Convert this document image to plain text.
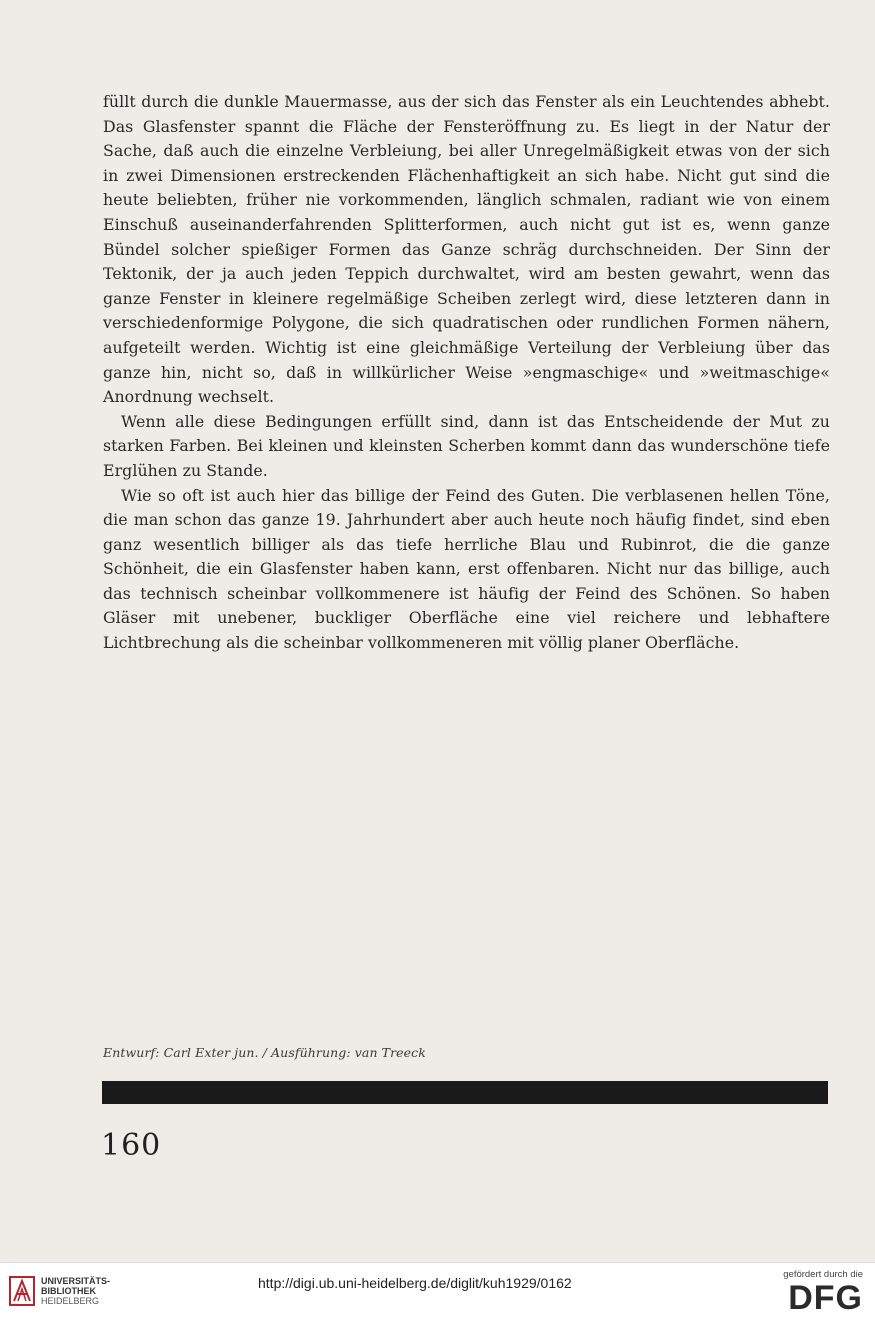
füllt durch die dunkle Mauermasse, aus der sich das Fenster als ein Leuchtendes abhebt. Das Glasfenster spannt die Fläche der Fensteröffnung zu. Es liegt in der Natur der Sache, daß auch die einzelne Verbleiung, bei aller Unregelmäßigkeit etwas von der sich in zwei Dimensionen erstreckenden Flächenhaftigkeit an sich habe. Nicht gut sind die heute beliebten, früher nie vorkommenden, länglich schmalen, radiant wie von einem Einschuß auseinanderfahrenden Splitterformen, auch nicht gut ist es, wenn ganze Bündel solcher spießiger Formen das Ganze schräg durchschneiden. Der Sinn der Tektonik, der ja auch jeden Teppich durchwaltet, wird am besten gewahrt, wenn das ganze Fenster in kleinere regelmäßige Scheiben zerlegt wird, diese letzteren dann in verschiedenformige Polygone, die sich quadratischen oder rundlichen Formen nähern, aufgeteilt werden. Wichtig ist eine gleichmäßige Verteilung der Verbleiung über das ganze hin, nicht so, daß in willkürlicher Weise »engmaschige« und »weitmaschige« Anordnung wechselt.

Wenn alle diese Bedingungen erfüllt sind, dann ist das Entscheidende der Mut zu starken Farben. Bei kleinen und kleinsten Scherben kommt dann das wunderschöne tiefe Erglühen zu Stande.

Wie so oft ist auch hier das billige der Feind des Guten. Die verblasenen hellen Töne, die man schon das ganze 19. Jahrhundert aber auch heute noch häufig findet, sind eben ganz wesentlich billiger als das tiefe herrliche Blau und Rubinrot, die die ganze Schönheit, die ein Glasfenster haben kann, erst offenbaren. Nicht nur das billige, auch das technisch scheinbar vollkommenere ist häufig der Feind des Schönen. So haben Gläser mit unebener, buckliger Oberfläche eine viel reichere und lebhaftere Lichtbrechung als die scheinbar vollkommeneren mit völlig planer Oberfläche.

Entwurf: Carl Exter jun. / Ausführung: van Treeck
160
UNIVERSITÄTS-
BIBLIOTHEK
HEIDELBERG
http://digi.ub.uni-heidelberg.de/diglit/kuh1929/0162
gefördert durch die
DFG
